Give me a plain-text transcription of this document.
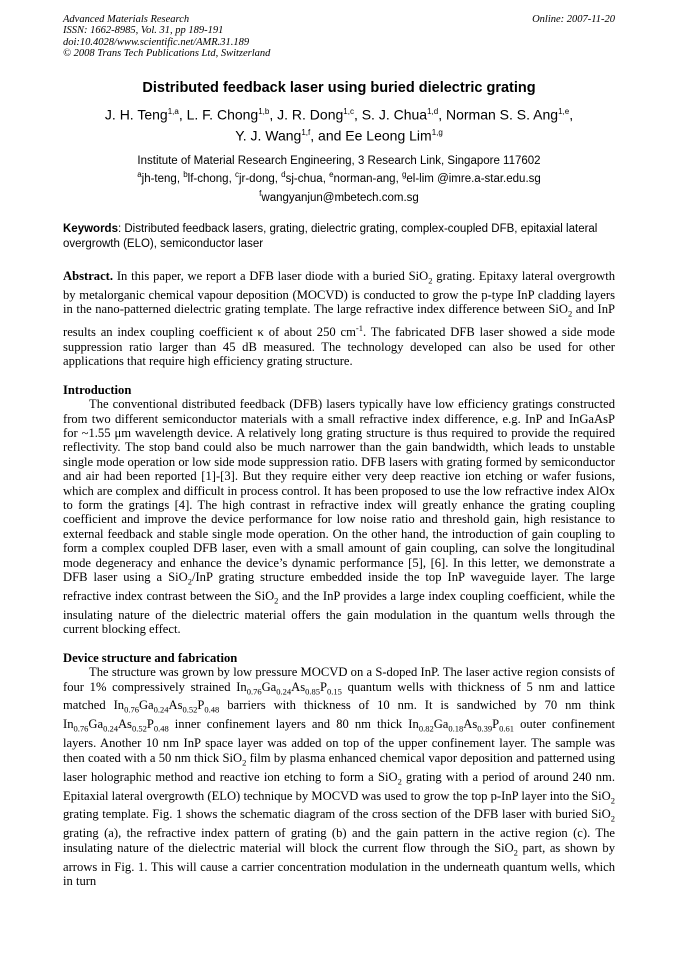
Advanced Materials Research
ISSN: 1662-8985, Vol. 31, pp 189-191
doi:10.4028/www.scientific.net/AMR.31.189
© 2008 Trans Tech Publications Ltd, Switzerland
Online: 2007-11-20
Distributed feedback laser using buried dielectric grating
J. H. Teng$^{1,a}$, L. F. Chong$^{1,b}$, J. R. Dong$^{1,c}$, S. J. Chua$^{1,d}$, Norman S. S. Ang$^{1,e}$,
Y. J. Wang$^{1,f}$, and Ee Leong Lim$^{1,g}$
Institute of Material Research Engineering, 3 Research Link, Singapore 117602
$^a$jh-teng, $^b$lf-chong, $^c$jr-dong, $^d$sj-chua, $^e$norman-ang, $^g$el-lim @imre.a-star.edu.sg
$^f$wangyanjun@mbetech.com.sg
Keywords: Distributed feedback lasers, grating, dielectric grating, complex-coupled DFB, epitaxial lateral overgrowth (ELO), semiconductor laser
Abstract. In this paper, we report a DFB laser diode with a buried SiO$_2$ grating. Epitaxy lateral overgrowth by metalorganic chemical vapour deposition (MOCVD) is conducted to grow the p-type InP cladding layers in the nano-patterned dielectric grating template. The large refractive index difference between SiO$_2$ and InP results an index coupling coefficient κ of about 250 $cm^{-1}$. The fabricated DFB laser showed a side mode suppression ratio larger than 45 dB measured. The technology developed can also be used for other applications that require high efficiency grating structure.
Introduction
The conventional distributed feedback (DFB) lasers typically have low efficiency gratings constructed from two different semiconductor materials with a small refractive index difference, e.g. InP and InGaAsP for ~1.55 μm wavelength device. A relatively long grating structure is thus required to provide the required reflectivity. The stop band could also be much narrower than the gain bandwidth, which leads to unstable single mode operation or low side mode suppression ratio. DFB lasers with grating formed by semiconductor and air had been reported [1]-[3]. But they require either very deep reactive ion etching or wafer fusions, which are complex and difficult in process control. It has been proposed to use the low refractive index AlOx to form the gratings [4]. The high contrast in refractive index will greatly enhance the grating coupling coefficient and improve the device performance for low noise ratio and threshold gain, high resistance to external feedback and stable single mode operation. On the other hand, the introduction of gain coupling to form a complex coupled DFB laser, even with a small amount of gain coupling, can solve the longitudinal mode degeneracy and enhance the device’s dynamic performance [5], [6]. In this letter, we demonstrate a DFB laser using a SiO$_2$/InP grating structure embedded inside the top InP waveguide layer. The large refractive index contrast between the SiO$_2$ and the InP provides a large index coupling coefficient, while the insulating nature of the dielectric material offers the gain modulation in the quantum wells through the current blocking effect.
Device structure and fabrication
The structure was grown by low pressure MOCVD on a S-doped InP. The laser active region consists of four 1% compressively strained $In_{0.76}Ga_{0.24}As_{0.85}P_{0.15}$ quantum wells with thickness of 5 nm and lattice matched $In_{0.76}Ga_{0.24}As_{0.52}P_{0.48}$ barriers with thickness of 10 nm. It is sandwiched by 70 nm think $In_{0.76}Ga_{0.24}As_{0.52}P_{0.48}$ inner confinement layers and 80 nm thick $In_{0.82}Ga_{0.18}As_{0.39}P_{0.61}$ outer confinement layers. Another 10 nm InP space layer was added on top of the upper confinement layer. The sample was then coated with a 50 nm thick SiO$_2$ film by plasma enhanced chemical vapor deposition and patterned using laser holographic method and reactive ion etching to form a SiO$_2$ grating with a period of around 240 nm. Epitaxial lateral overgrowth (ELO) technique by MOCVD was used to grow the top p-InP layer into the SiO$_2$ grating template. Fig. 1 shows the schematic diagram of the cross section of the DFB laser with buried SiO$_2$ grating (a), the refractive index pattern of grating (b) and the gain pattern in the active region (c). The insulating nature of the dielectric material will block the current flow through the SiO$_2$ part, as shown by arrows in Fig. 1. This will cause a carrier concentration modulation in the underneath quantum wells, which in turn
